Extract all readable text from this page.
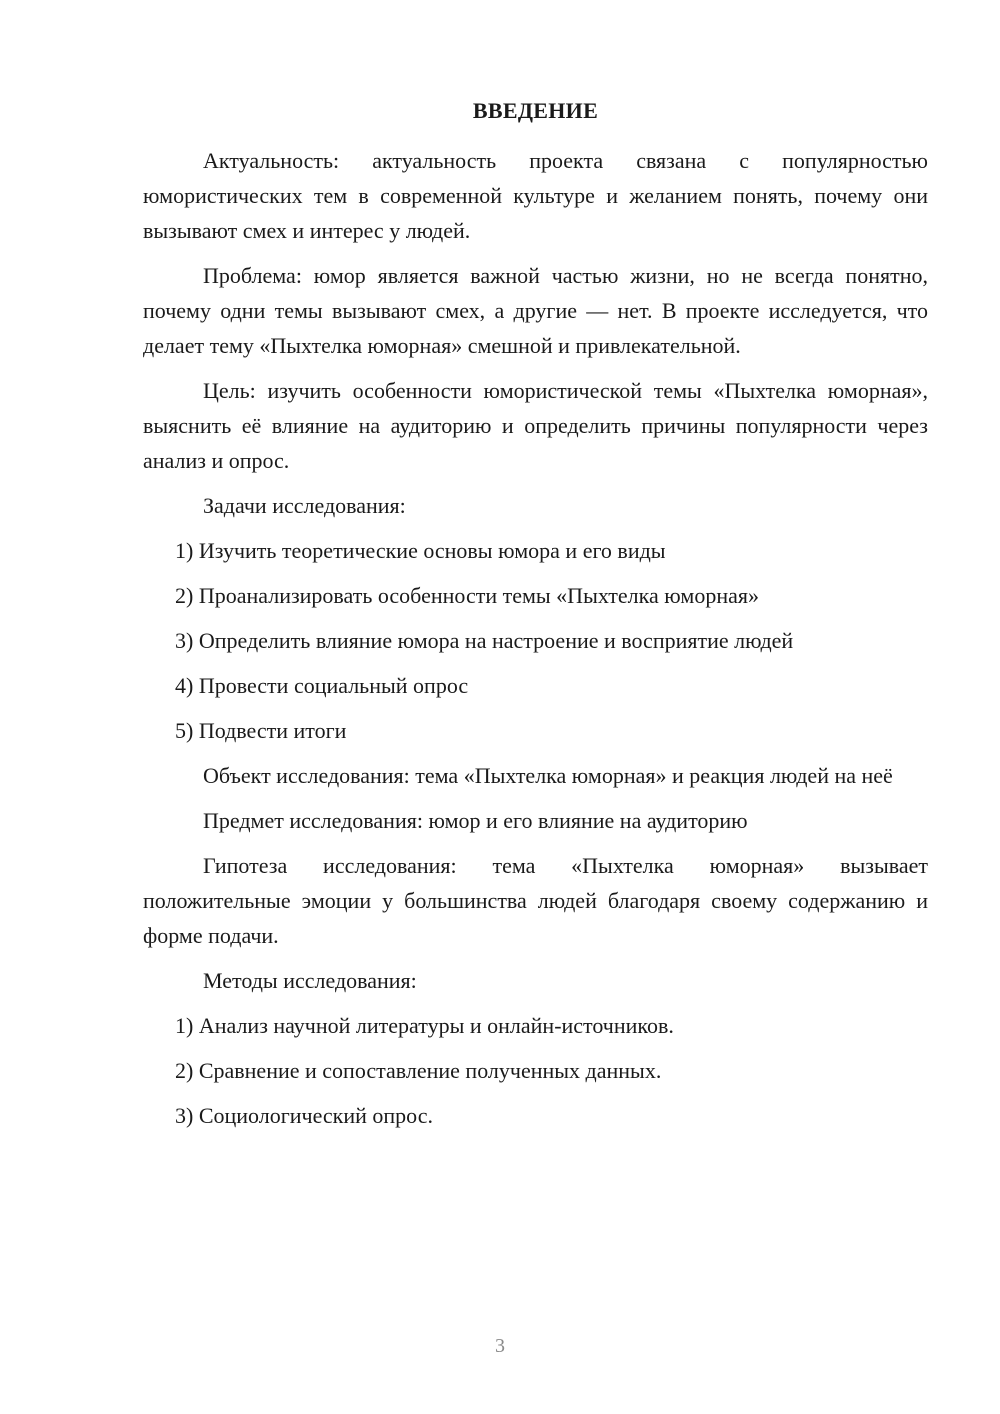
ВВЕДЕНИЕ

Актуальность: актуальность проекта связана с популярностью юмористических тем в современной культуре и желанием понять, почему они вызывают смех и интерес у людей.

Проблема: юмор является важной частью жизни, но не всегда понятно, почему одни темы вызывают смех, а другие — нет. В проекте исследуется, что делает тему «Пыхтелка юморная» смешной и привлекательной.

Цель: изучить особенности юмористической темы «Пыхтелка юморная», выяснить её влияние на аудиторию и определить причины популярности через анализ и опрос.

Задачи исследования:

1) Изучить теоретические основы юмора и его виды

2) Проанализировать особенности темы «Пыхтелка юморная»

3) Определить влияние юмора на настроение и восприятие людей

4) Провести социальный опрос

5) Подвести итоги

Объект исследования: тема «Пыхтелка юморная» и реакция людей на неё

Предмет исследования: юмор и его влияние на аудиторию

Гипотеза исследования: тема «Пыхтелка юморная» вызывает положительные эмоции у большинства людей благодаря своему содержанию и форме подачи.

Методы исследования:

1) Анализ научной литературы и онлайн-источников.

2) Сравнение и сопоставление полученных данных.

3) Социологический опрос.

3
